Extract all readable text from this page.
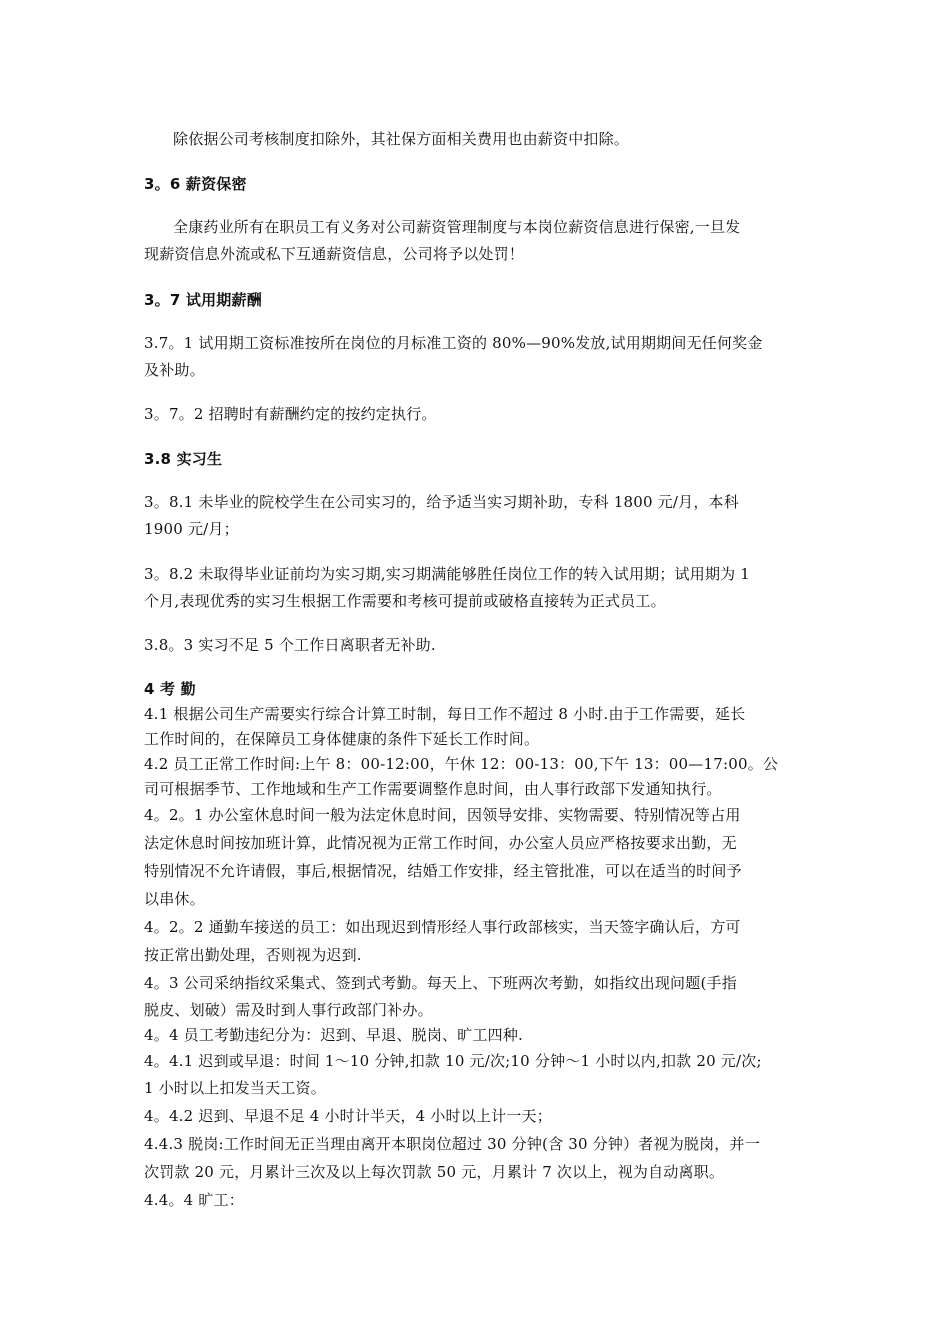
除依据公司考核制度扣除外，其社保方面相关费用也由薪资中扣除。
3。6 薪资保密
全康药业所有在职员工有义务对公司薪资管理制度与本岗位薪资信息进行保密,一旦发
现薪资信息外流或私下互通薪资信息，公司将予以处罚！
3。7 试用期薪酬
3.7。1 试用期工资标准按所在岗位的月标准工资的 80%—90%发放,试用期期间无任何奖金
及补助。
3。7。2 招聘时有薪酬约定的按约定执行。
3.8 实习生
3。8.1 未毕业的院校学生在公司实习的，给予适当实习期补助，专科 1800 元/月，本科
1900 元/月；
3。8.2 未取得毕业证前均为实习期,实习期满能够胜任岗位工作的转入试用期；试用期为 1
个月,表现优秀的实习生根据工作需要和考核可提前或破格直接转为正式员工。
3.8。3 实习不足 5 个工作日离职者无补助.
4 考 勤
4.1 根据公司生产需要实行综合计算工时制，每日工作不超过 8 小时.由于工作需要，延长
工作时间的，在保障员工身体健康的条件下延长工作时间。
4.2 员工正常工作时间:上午 8：00-12:00，午休 12：00-13：00,下午 13：00—17:00。公
司可根据季节、工作地域和生产工作需要调整作息时间，由人事行政部下发通知执行。
4。2。1 办公室休息时间一般为法定休息时间，因领导安排、实物需要、特别情况等占用
法定休息时间按加班计算，此情况视为正常工作时间，办公室人员应严格按要求出勤，无
特别情况不允许请假，事后,根据情况，结婚工作安排，经主管批准，可以在适当的时间予
以串休。
4。2。2 通勤车接送的员工：如出现迟到情形经人事行政部核实，当天签字确认后，方可
按正常出勤处理，否则视为迟到.
4。3 公司采纳指纹采集式、签到式考勤。每天上、下班两次考勤，如指纹出现问题(手指
脱皮、划破）需及时到人事行政部门补办。
4。4 员工考勤违纪分为：迟到、早退、脱岗、旷工四种.
4。4.1 迟到或早退：时间 1～10 分钟,扣款 10 元/次;10 分钟～1 小时以内,扣款 20 元/次;
1 小时以上扣发当天工资。
4。4.2 迟到、早退不足 4 小时计半天，4 小时以上计一天；
4.4.3 脱岗:工作时间无正当理由离开本职岗位超过 30 分钟(含 30 分钟）者视为脱岗，并一
次罚款 20 元，月累计三次及以上每次罚款 50 元，月累计 7 次以上，视为自动离职。
4.4。4 旷工：
